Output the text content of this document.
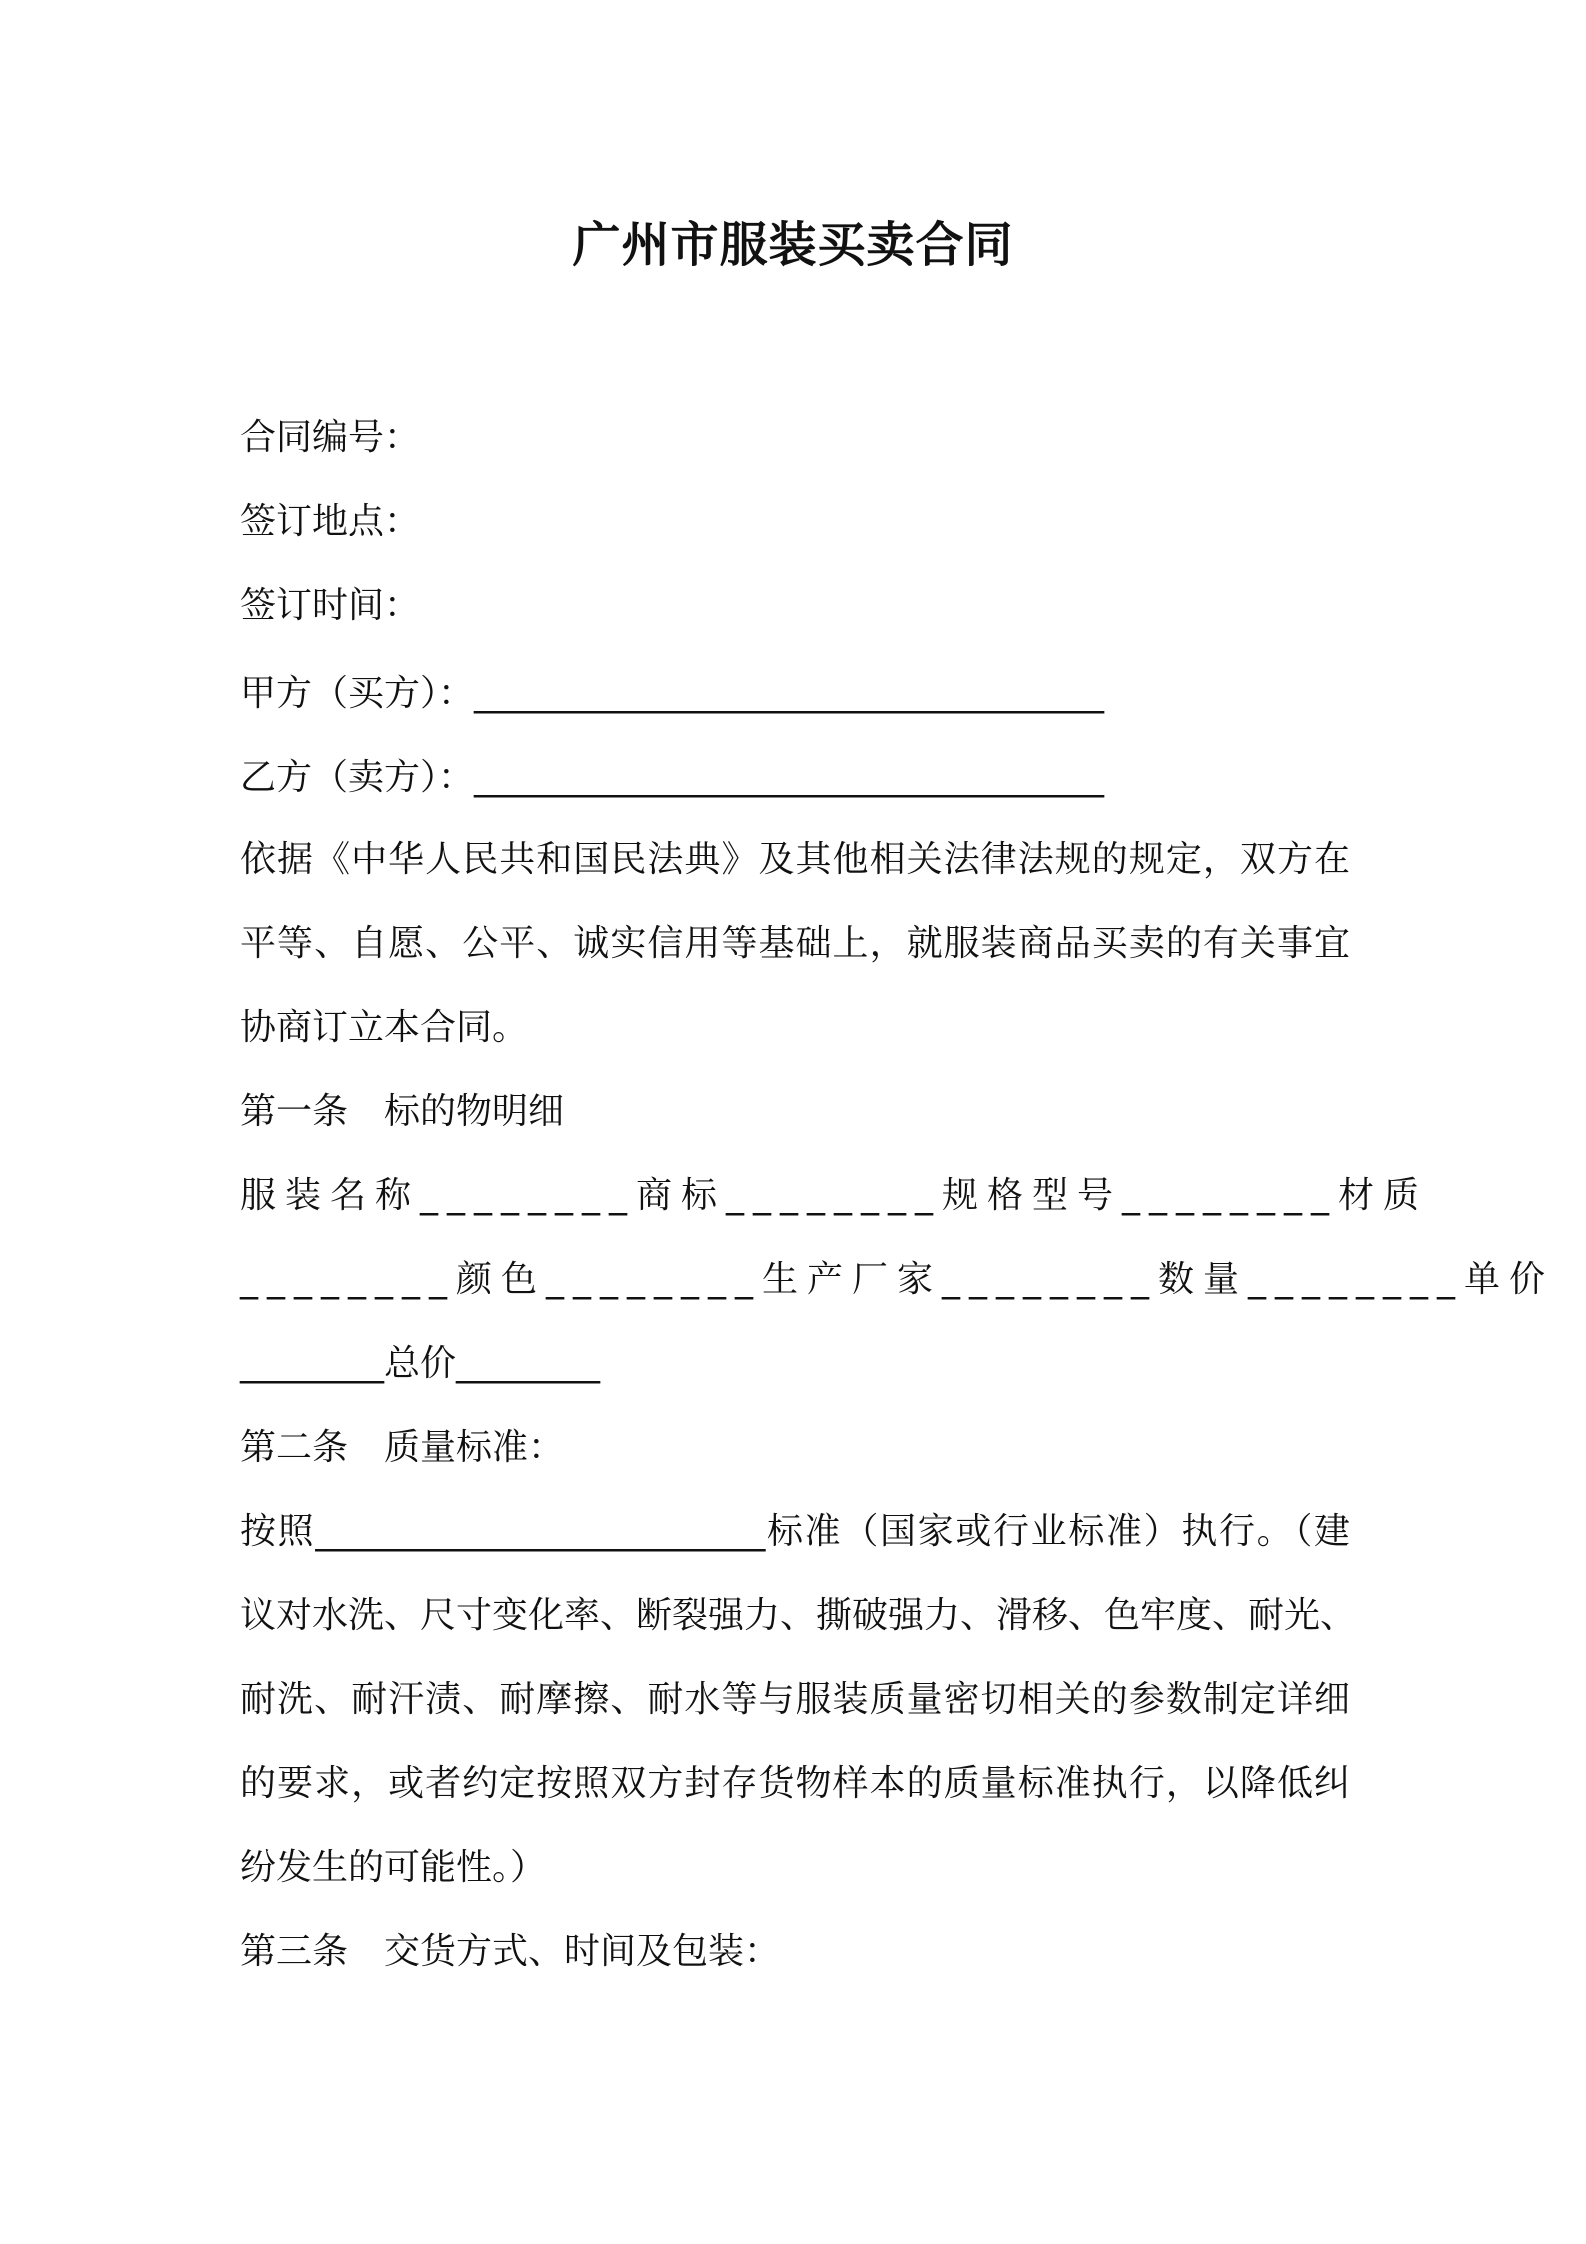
广州市服装买卖合同
合同编号：
签订地点：
签订时间：
甲方（买方）：___________________________________
乙方（卖方）：___________________________________
依据《中华人民共和国民法典》及其他相关法律法规的规定，双方在
平等、自愿、公平、诚实信用等基础上，就服装商品买卖的有关事宜
协商订立本合同。
第一条 标的物明细
服装名称________商标________规格型号________材质
________颜色________生产厂家________数量________单价
________总价________
第二条 质量标准：
按照_________________________标准（国家或行业标准）执行。（建
议对水洗、尺寸变化率、断裂强力、撕破强力、滑移、色牢度、耐光、
耐洗、耐汗渍、耐摩擦、耐水等与服装质量密切相关的参数制定详细
的要求，或者约定按照双方封存货物样本的质量标准执行，以降低纠
纷发生的可能性。）
第三条 交货方式、时间及包装：
